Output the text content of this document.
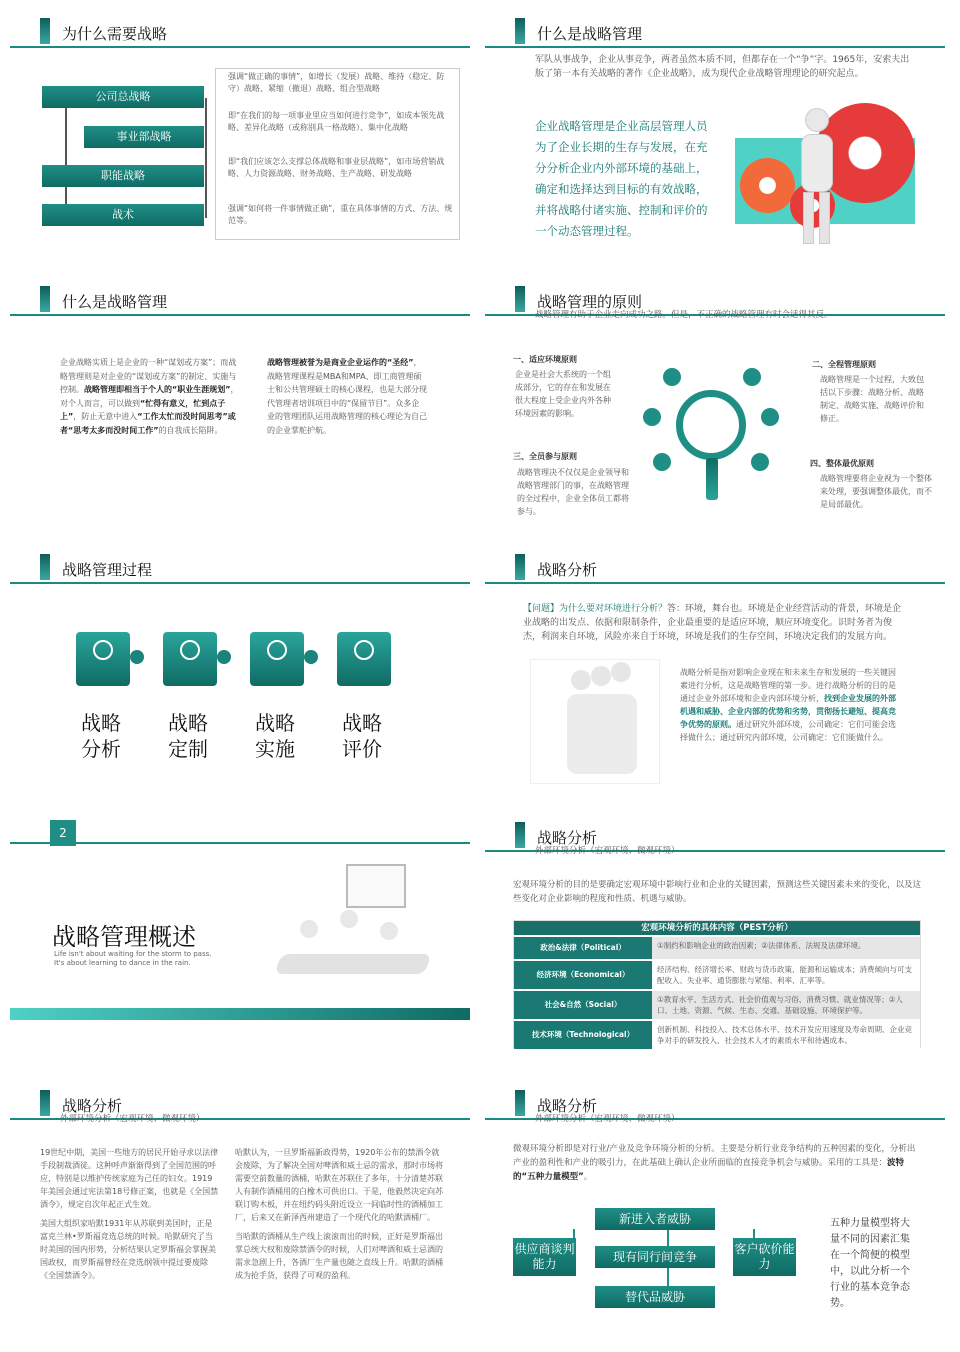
为什么需要战略
公司总战略
事业部战略
职能战略
战术
强调“做正确的事情”，如增长（发展）战略、维持（稳定、防守）战略、紧缩（撤退）战略、组合型战略
即“在我们的每一项事业里应当如何进行竞争”，如成本领先战略、差异化战略（或称别具一格战略）、集中化战略
即“我们应该怎么支撑总体战略和事业层战略”，如市场营销战略、人力资源战略、财务战略、生产战略、研发战略
强调“如何将一件事情做正确”，重在具体事情的方式、方法、规范等。
什么是战略管理
军队从事战争，企业从事竞争，两者虽然本质不同，但都存在一个“争”字。1965年，安索夫出版了第一本有关战略的著作《企业战略》，成为现代企业战略管理理论的研究起点。
企业战略管理是企业高层管理人员为了企业长期的生存与发展，在充分分析企业内外部环境的基础上，确定和选择达到目标的有效战略，并将战略付诸实施、控制和评价的一个动态管理过程。
什么是战略管理
企业战略实质上是企业的一种“谋划或方案”；而战略管理则是对企业的“谋划或方案”的制定、实施与控制。战略管理即相当于个人的“职业生涯规划”，对个人而言，可以做到“忙得有意义，忙到点子上”，防止无意中进入“工作太忙而没时间思考”或者“思考太多而没时间工作”的自我成长陷阱。
战略管理被誉为是商业企业运作的“圣经”，战略管理课程是MBA和MPA、即工商管理硕士和公共管理硕士的核心课程，也是大部分现代管理者培训项目中的“保留节目”。众多企业的管理团队运用战略管理的核心理论为自己的企业掌舵护航。
战略管理的原则
战略管理有助于企业走向成功之路。但是，不正确的战略管理有时会适得其反。
一、适应环境原则
企业是社会大系统的一个组成部分，它的存在和发展在很大程度上受企业内外各种环境因素的影响。
二、全程管理原则
战略管理是一个过程，大致包括以下步骤：战略分析、战略制定、战略实施、战略评价和修正。
三、全员参与原则
战略管理决不仅仅是企业领导和战略管理部门的事，在战略管理的全过程中，企业全体员工都将参与。
四、整体最优原则
战略管理要将企业视为一个整体来处理，要强调整体最优，而不是局部最优。
战略管理过程
战略
分析
战略
定制
战略
实施
战略
评价
战略分析
【问题】为什么要对环境进行分析？答：环境，舞台也。环境是企业经营活动的背景，环境是企业战略的出发点、依据和限制条件，企业最重要的是适应环境，顺应环境变化。识时务者为俊杰，利润来自环境，风险亦来自于环境，环境是我们的生存空间，环境决定我们的发展方向。
战略分析是指对影响企业现在和未来生存和发展的一些关键因素进行分析，这是战略管理的第一步。进行战略分析的目的是通过企业外部环境和企业内部环境分析，找到企业发展的外部机遇和威胁、企业内部的优势和劣势，贯彻扬长避短、提高竞争优势的原则。通过研究外部环境，公司确定：它们可能会选择做什么；通过研究内部环境，公司确定：它们能做什么。
2
战略管理概述
Life isn't about waiting for the storm to pass. It's about learning to dance in the rain.
战略分析
外部环境分析（宏观环境、微观环境）
宏观环境分析的目的是要确定宏观环境中影响行业和企业的关键因素，预测这些关键因素未来的变化，以及这些变化对企业影响的程度和性质、机遇与威胁。
宏观环境分析的具体内容（PEST分析）
政治&法律（Political）	①制约和影响企业的政治因素；②法律体系、法规及法律环境。
经济环境（Economical）
经济结构、经济增长率、财政与货币政策、能源和运输成本；消费倾向与可支配收入、失业率、通货膨胀与紧缩、利率、汇率等。
社会&自然（Social）
①教育水平、生活方式、社会价值观与习俗、消费习惯、就业情况等；②人口、土地、资源、气候、生态、交通、基础设施、环境保护等。
技术环境（Technological）
创新机制、科技投入、技术总体水平、技术开发应用速度及寿命周期、企业竞争对手的研发投入、社会技术人才的素质水平和待遇成本。
战略分析
外部环境分析（宏观环境、微观环境）

19世纪中期，美国一些地方的居民开始寻求以法律手段制裁酒徒。这种呼声渐渐得到了全国范围的呼应，特别是以维护传统家庭为己任的妇女。1919年美国会通过宪法第18号修正案，也就是《全国禁酒令》，规定自次年起正式生效。

美国大组织家哈默1931年从苏联到美国时，正是富克兰林•罗斯福竞选总统的时候。哈默研究了当时美国的国内形势，分析结果认定罗斯福会掌握美国政权，而罗斯福曾经在竞选纲领中提过要废除《全国禁酒令》。

哈默认为，一旦罗斯福新政得势，1920年公布的禁酒令就会废除，为了解决全国对啤酒和威士忌的需求，那时市场将需要空前数量的酒桶，哈默在苏联住了多年，十分清楚苏联人有制作酒桶用的白橡木可供出口。于是，他毅然决定向苏联订购木板，并在纽约码头附近设立一间临时性的酒桶加工厂，后来又在新泽西州建造了一个现代化的哈默酒桶厂。

当哈默的酒桶从生产线上滚滚而出的时候，正好是罗斯福出掌总统大权和废除禁酒令的时候，人们对啤酒和威士忌酒的需求急剧上升，各酒厂生产量也随之直线上升。哈默的酒桶成为抢手货，获得了可观的盈利。

战略分析
外部环境分析（宏观环境、微观环境）
微观环境分析即是对行业/产业及竞争环境分析的分析。主要是分析行业竞争结构的五种因素的变化，分析出产业的盈利性和产业的吸引力，在此基础上确认企业所面临的直接竞争机会与威胁。采用的工具是：波特的“五种力量模型”。
新进入者威胁
供应商谈判能力	现有同行间竞争
客户砍价能力
替代品威胁
五种力量模型将大量不同的因素汇集在一个简便的模型中，以此分析一个行业的基本竞争态势。
